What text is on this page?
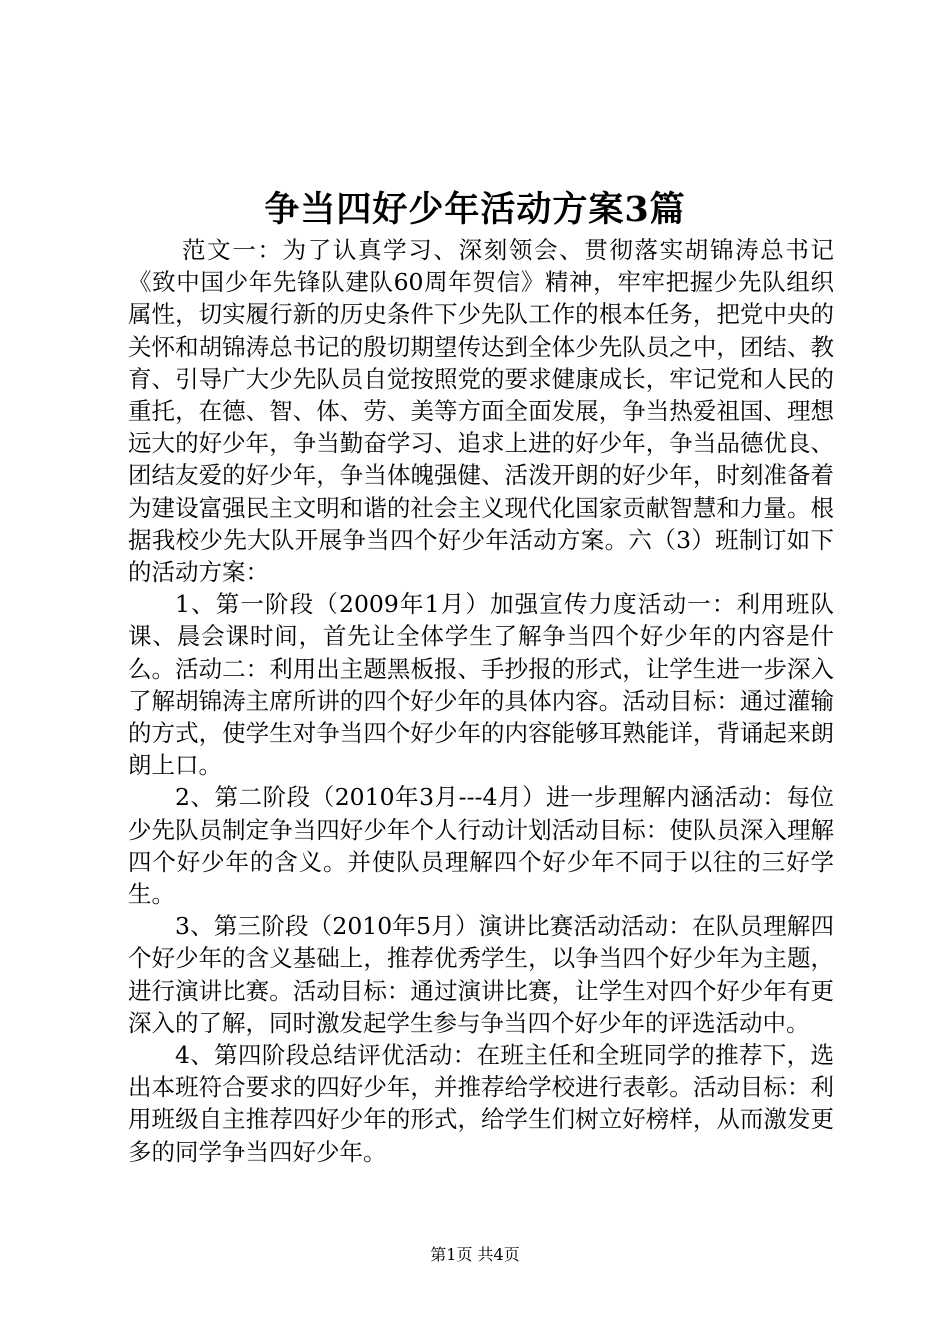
争当四好少年活动方案3篇

范文一：为了认真学习、深刻领会、贯彻落实胡锦涛总书记《致中国少年先锋队建队60周年贺信》精神，牢牢把握少先队组织属性，切实履行新的历史条件下少先队工作的根本任务，把党中央的关怀和胡锦涛总书记的殷切期望传达到全体少先队员之中，团结、教育、引导广大少先队员自觉按照党的要求健康成长，牢记党和人民的重托，在德、智、体、劳、美等方面全面发展，争当热爱祖国、理想远大的好少年，争当勤奋学习、追求上进的好少年，争当品德优良、团结友爱的好少年，争当体魄强健、活泼开朗的好少年，时刻准备着为建设富强民主文明和谐的社会主义现代化国家贡献智慧和力量。根据我校少先大队开展争当四个好少年活动方案。六（3）班制订如下的活动方案：

1、第一阶段（2009年1月）加强宣传力度活动一：利用班队课、晨会课时间，首先让全体学生了解争当四个好少年的内容是什么。活动二：利用出主题黑板报、手抄报的形式，让学生进一步深入了解胡锦涛主席所讲的四个好少年的具体内容。活动目标：通过灌输的方式，使学生对争当四个好少年的内容能够耳熟能详，背诵起来朗朗上口。

2、第二阶段（2010年3月---4月）进一步理解内涵活动：每位少先队员制定争当四好少年个人行动计划活动目标：使队员深入理解四个好少年的含义。并使队员理解四个好少年不同于以往的三好学生。

3、第三阶段（2010年5月）演讲比赛活动活动：在队员理解四个好少年的含义基础上，推荐优秀学生，以争当四个好少年为主题，进行演讲比赛。活动目标：通过演讲比赛，让学生对四个好少年有更深入的了解，同时激发起学生参与争当四个好少年的评选活动中。

4、第四阶段总结评优活动：在班主任和全班同学的推荐下，选出本班符合要求的四好少年，并推荐给学校进行表彰。活动目标：利用班级自主推荐四好少年的形式，给学生们树立好榜样，从而激发更多的同学争当四好少年。

第1页 共4页
